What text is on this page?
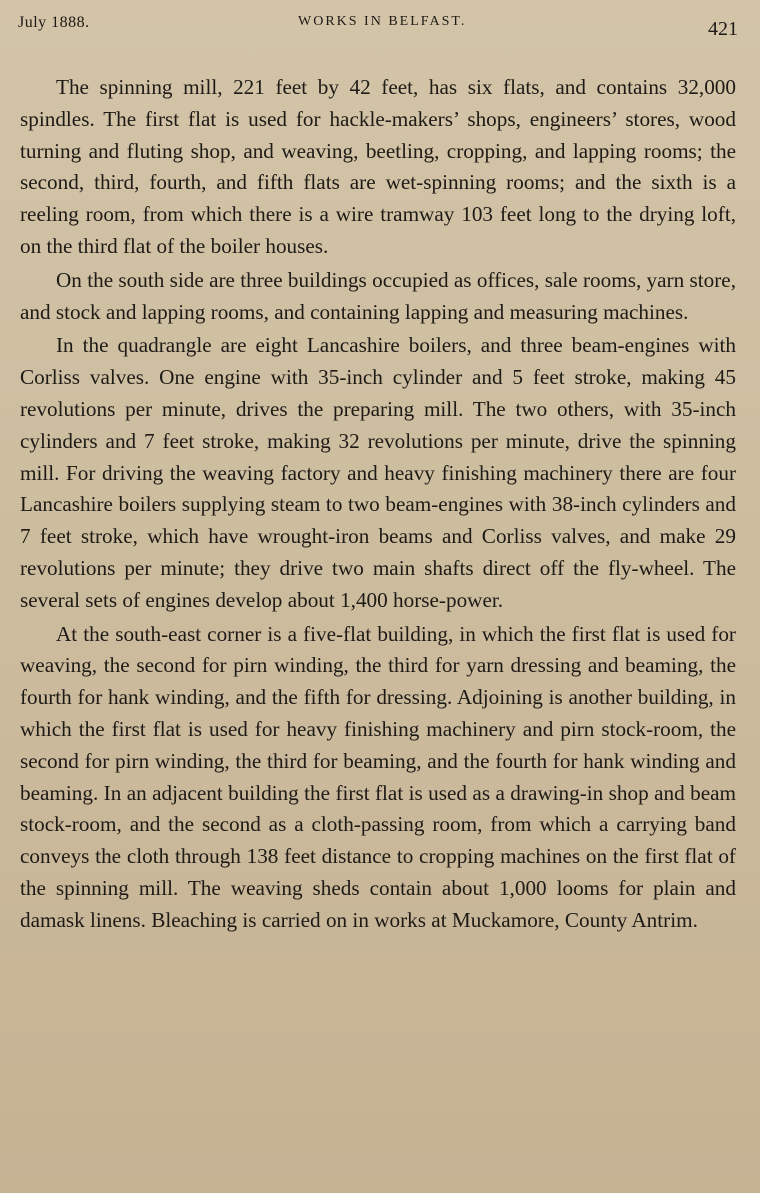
July 1888.	WORKS IN BELFAST.	421

The spinning mill, 221 feet by 42 feet, has six flats, and contains 32,000 spindles. The first flat is used for hackle-makers’ shops, engineers’ stores, wood turning and fluting shop, and weaving, beetling, cropping, and lapping rooms; the second, third, fourth, and fifth flats are wet-spinning rooms; and the sixth is a reeling room, from which there is a wire tramway 103 feet long to the drying loft, on the third flat of the boiler houses.

On the south side are three buildings occupied as offices, sale rooms, yarn store, and stock and lapping rooms, and containing lapping and measuring machines.

In the quadrangle are eight Lancashire boilers, and three beam-engines with Corliss valves. One engine with 35-inch cylinder and 5 feet stroke, making 45 revolutions per minute, drives the preparing mill. The two others, with 35-inch cylinders and 7 feet stroke, making 32 revolutions per minute, drive the spinning mill. For driving the weaving factory and heavy finishing machinery there are four Lancashire boilers supplying steam to two beam-engines with 38-inch cylinders and 7 feet stroke, which have wrought-iron beams and Corliss valves, and make 29 revolutions per minute; they drive two main shafts direct off the fly-wheel. The several sets of engines develop about 1,400 horse-power.

At the south-east corner is a five-flat building, in which the first flat is used for weaving, the second for pirn winding, the third for yarn dressing and beaming, the fourth for hank winding, and the fifth for dressing. Adjoining is another building, in which the first flat is used for heavy finishing machinery and pirn stock-room, the second for pirn winding, the third for beaming, and the fourth for hank winding and beaming. In an adjacent building the first flat is used as a drawing-in shop and beam stock-room, and the second as a cloth-passing room, from which a carrying band conveys the cloth through 138 feet distance to cropping machines on the first flat of the spinning mill. The weaving sheds contain about 1,000 looms for plain and damask linens. Bleaching is carried on in works at Muckamore, County Antrim.
